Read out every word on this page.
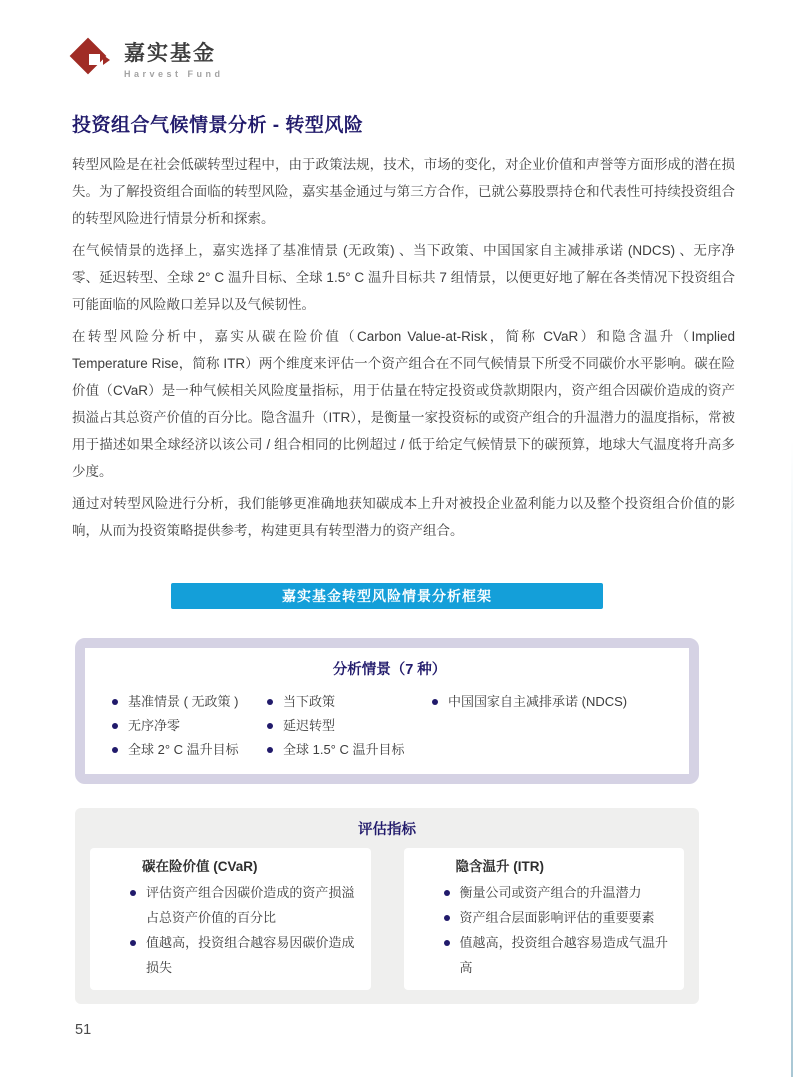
嘉实基金
Harvest Fund
投资组合气候情景分析 - 转型风险

转型风险是在社会低碳转型过程中，由于政策法规，技术，市场的变化，对企业价值和声誉等方面形成的潜在损失。为了解投资组合面临的转型风险，嘉实基金通过与第三方合作，已就公募股票持仓和代表性可持续投资组合的转型风险进行情景分析和探索。

在气候情景的选择上，嘉实选择了基准情景 (无政策) 、当下政策、中国国家自主减排承诺 (NDCS) 、无序净零、延迟转型、全球 2° C 温升目标、全球 1.5° C 温升目标共 7 组情景，以便更好地了解在各类情况下投资组合可能面临的风险敞口差异以及气候韧性。

在转型风险分析中，嘉实从碳在险价值（Carbon Value-at-Risk，简称 CVaR）和隐含温升（Implied Temperature Rise，简称 ITR）两个维度来评估一个资产组合在不同气候情景下所受不同碳价水平影响。碳在险价值（CVaR）是一种气候相关风险度量指标，用于估量在特定投资或贷款期限内，资产组合因碳价造成的资产损溢占其总资产价值的百分比。隐含温升（ITR），是衡量一家投资标的或资产组合的升温潜力的温度指标，常被用于描述如果全球经济以该公司 / 组合相同的比例超过 / 低于给定气候情景下的碳预算，地球大气温度将升高多少度。

通过对转型风险进行分析，我们能够更准确地获知碳成本上升对被投企业盈利能力以及整个投资组合价值的影响，从而为投资策略提供参考，构建更具有转型潜力的资产组合。

嘉实基金转型风险情景分析框架
分析情景（7 种）
基准情景 ( 无政策 )	当下政策	中国国家自主减排承诺 (NDCS)
无序净零	延迟转型
全球 2° C 温升目标	全球 1.5° C 温升目标
评估指标
碳在险价值 (CVaR)
评估资产组合因碳价造成的资产损溢占总资产价值的百分比
值越高，投资组合越容易因碳价造成损失
隐含温升 (ITR)
衡量公司或资产组合的升温潜力
资产组合层面影响评估的重要要素
值越高，投资组合越容易造成气温升高
51
